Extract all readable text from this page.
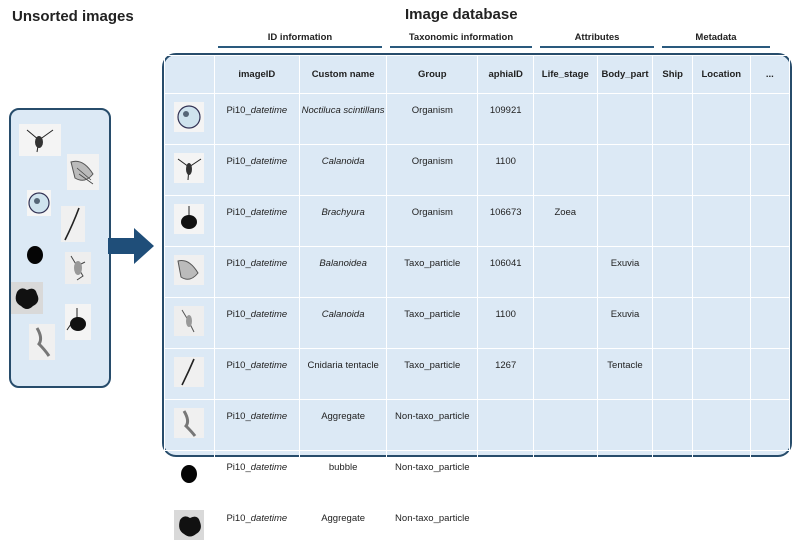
Unsorted images	Image database
ID information	Taxonomic information	Attributes	Metadata
	imageID	Custom name	Group	aphiaID	Life_stage	Body_part	Ship	Location	...
	Pi10_datetime	Noctiluca scintillans	Organism	109921					
	Pi10_datetime	Calanoida	Organism	1100					
	Pi10_datetime	Brachyura	Organism	106673	Zoea				
	Pi10_datetime	Balanoidea	Taxo_particle	106041		Exuvia			
	Pi10_datetime	Calanoida	Taxo_particle	1100		Exuvia			
	Pi10_datetime	Cnidaria tentacle	Taxo_particle	1267		Tentacle			
	Pi10_datetime	Aggregate	Non-taxo_particle						
	Pi10_datetime	bubble	Non-taxo_particle						
	Pi10_datetime	Aggregate	Non-taxo_particle						
